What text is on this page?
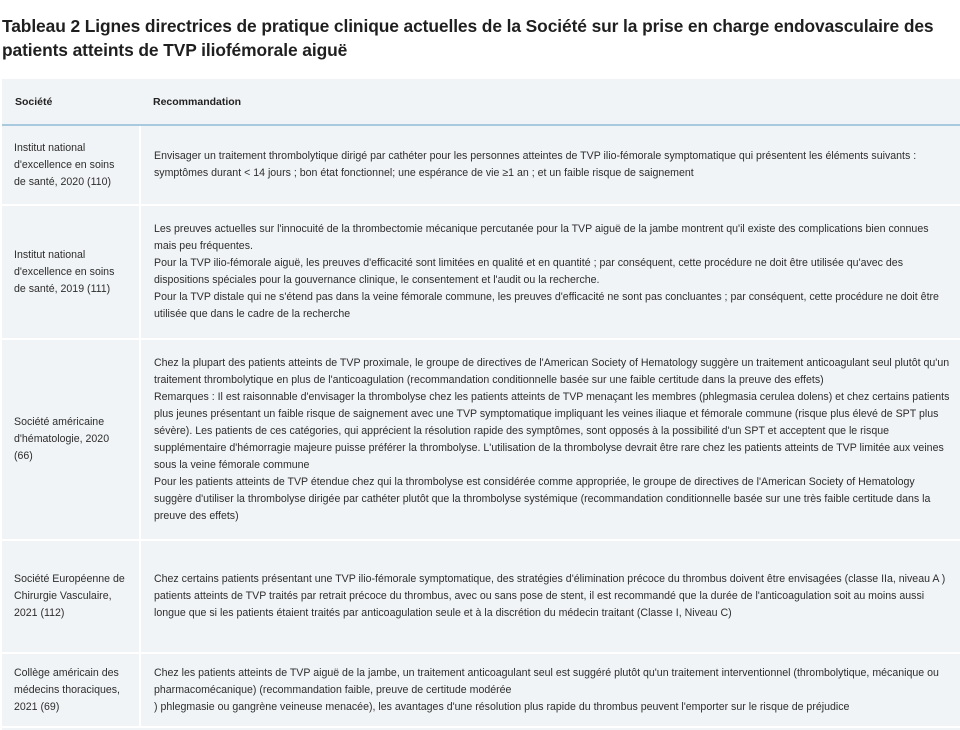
Tableau 2 Lignes directrices de pratique clinique actuelles de la Société sur la prise en charge endovasculaire des patients atteints de TVP iliofémorale aiguë
Société	Recommandation
Institut national d'excellence en soins de santé, 2020 (110)

Envisager un traitement thrombolytique dirigé par cathéter pour les personnes atteintes de TVP ilio-fémorale symptomatique qui présentent les éléments suivants : symptômes durant < 14 jours ; bon état fonctionnel; une espérance de vie ≥1 an ; et un faible risque de saignement

Institut national d'excellence en soins de santé, 2019 (111)

Les preuves actuelles sur l'innocuité de la thrombectomie mécanique percutanée pour la TVP aiguë de la jambe montrent qu'il existe des complications bien connues mais peu fréquentes.

Pour la TVP ilio-fémorale aiguë, les preuves d'efficacité sont limitées en qualité et en quantité ; par conséquent, cette procédure ne doit être utilisée qu'avec des dispositions spéciales pour la gouvernance clinique, le consentement et l'audit ou la recherche.

Pour la TVP distale qui ne s'étend pas dans la veine fémorale commune, les preuves d'efficacité ne sont pas concluantes ; par conséquent, cette procédure ne doit être utilisée que dans le cadre de la recherche

Société américaine d'hématologie, 2020 (66)

Chez la plupart des patients atteints de TVP proximale, le groupe de directives de l'American Society of Hematology suggère un traitement anticoagulant seul plutôt qu'un traitement thrombolytique en plus de l'anticoagulation (recommandation conditionnelle basée sur une faible certitude dans la preuve des effets)

Remarques : Il est raisonnable d'envisager la thrombolyse chez les patients atteints de TVP menaçant les membres (phlegmasia cerulea dolens) et chez certains patients plus jeunes présentant un faible risque de saignement avec une TVP symptomatique impliquant les veines iliaque et fémorale commune (risque plus élevé de SPT plus sévère). Les patients de ces catégories, qui apprécient la résolution rapide des symptômes, sont opposés à la possibilité d'un SPT et acceptent que le risque supplémentaire d'hémorragie majeure puisse préférer la thrombolyse. L'utilisation de la thrombolyse devrait être rare chez les patients atteints de TVP limitée aux veines sous la veine fémorale commune

Pour les patients atteints de TVP étendue chez qui la thrombolyse est considérée comme appropriée, le groupe de directives de l'American Society of Hematology suggère d'utiliser la thrombolyse dirigée par cathéter plutôt que la thrombolyse systémique (recommandation conditionnelle basée sur une très faible certitude dans la preuve des effets)

Société Européenne de Chirurgie Vasculaire, 2021 (112)

Chez certains patients présentant une TVP ilio-fémorale symptomatique, des stratégies d'élimination précoce du thrombus doivent être envisagées (classe IIa, niveau A )

patients atteints de TVP traités par retrait précoce du thrombus, avec ou sans pose de stent, il est recommandé que la durée de l'anticoagulation soit au moins aussi longue que si les patients étaient traités par anticoagulation seule et à la discrétion du médecin traitant (Classe I, Niveau C)

Collège américain des médecins thoraciques, 2021 (69)

Chez les patients atteints de TVP aiguë de la jambe, un traitement anticoagulant seul est suggéré plutôt qu'un traitement interventionnel (thrombolytique, mécanique ou pharmacomécanique) (recommandation faible, preuve de certitude modérée

) phlegmasie ou gangrène veineuse menacée), les avantages d'une résolution plus rapide du thrombus peuvent l'emporter sur le risque de préjudice
